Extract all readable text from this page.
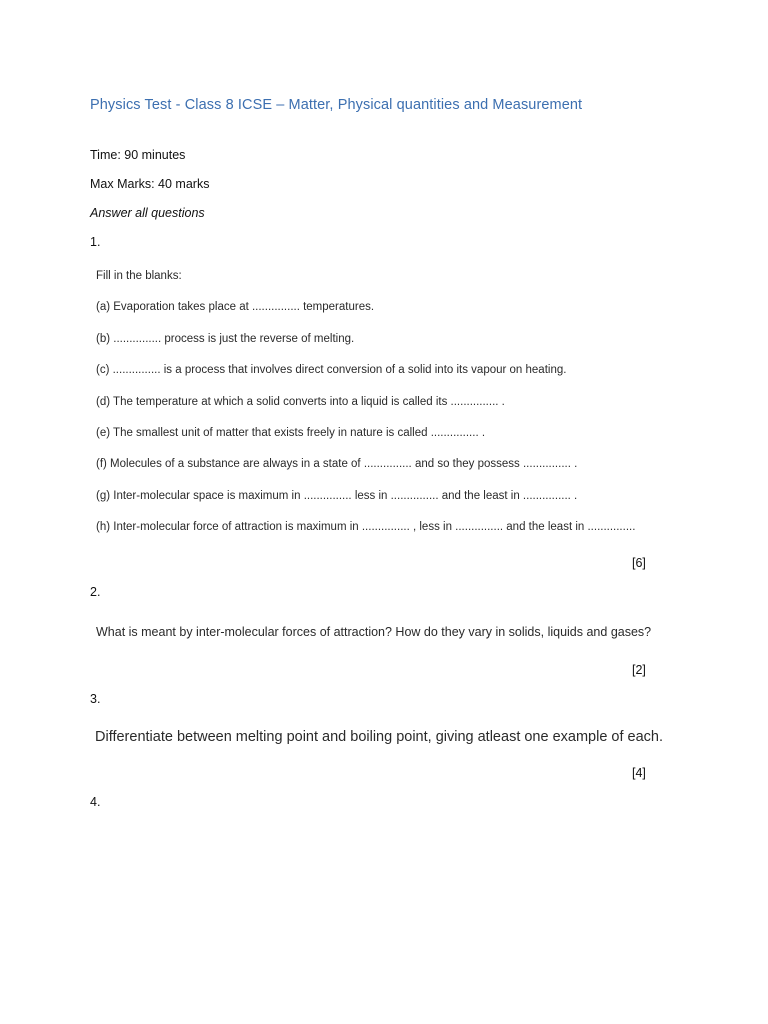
Physics Test - Class 8 ICSE – Matter, Physical quantities and Measurement
Time: 90 minutes
Max Marks: 40 marks
Answer all questions
1.
Fill in the blanks:
(a) Evaporation takes place at ............... temperatures.
(b) ............... process is just the reverse of melting.
(c) ............... is a process that involves direct conversion of a solid into its vapour on heating.
(d) The temperature at which a solid converts into a liquid is called its ............... .
(e) The smallest unit of matter that exists freely in nature is called ............... .
(f) Molecules of a substance are always in a state of ............... and so they possess ............... .
(g) Inter-molecular space is maximum in ............... less in ............... and the least in ............... .
(h) Inter-molecular force of attraction is maximum in ............... , less in ............... and the least in ...............
[6]
2.
What is meant by inter-molecular forces of attraction? How do they vary in solids, liquids and gases?
[2]
3.
Differentiate between melting point and boiling point, giving atleast one example of each.
[4]
4.
